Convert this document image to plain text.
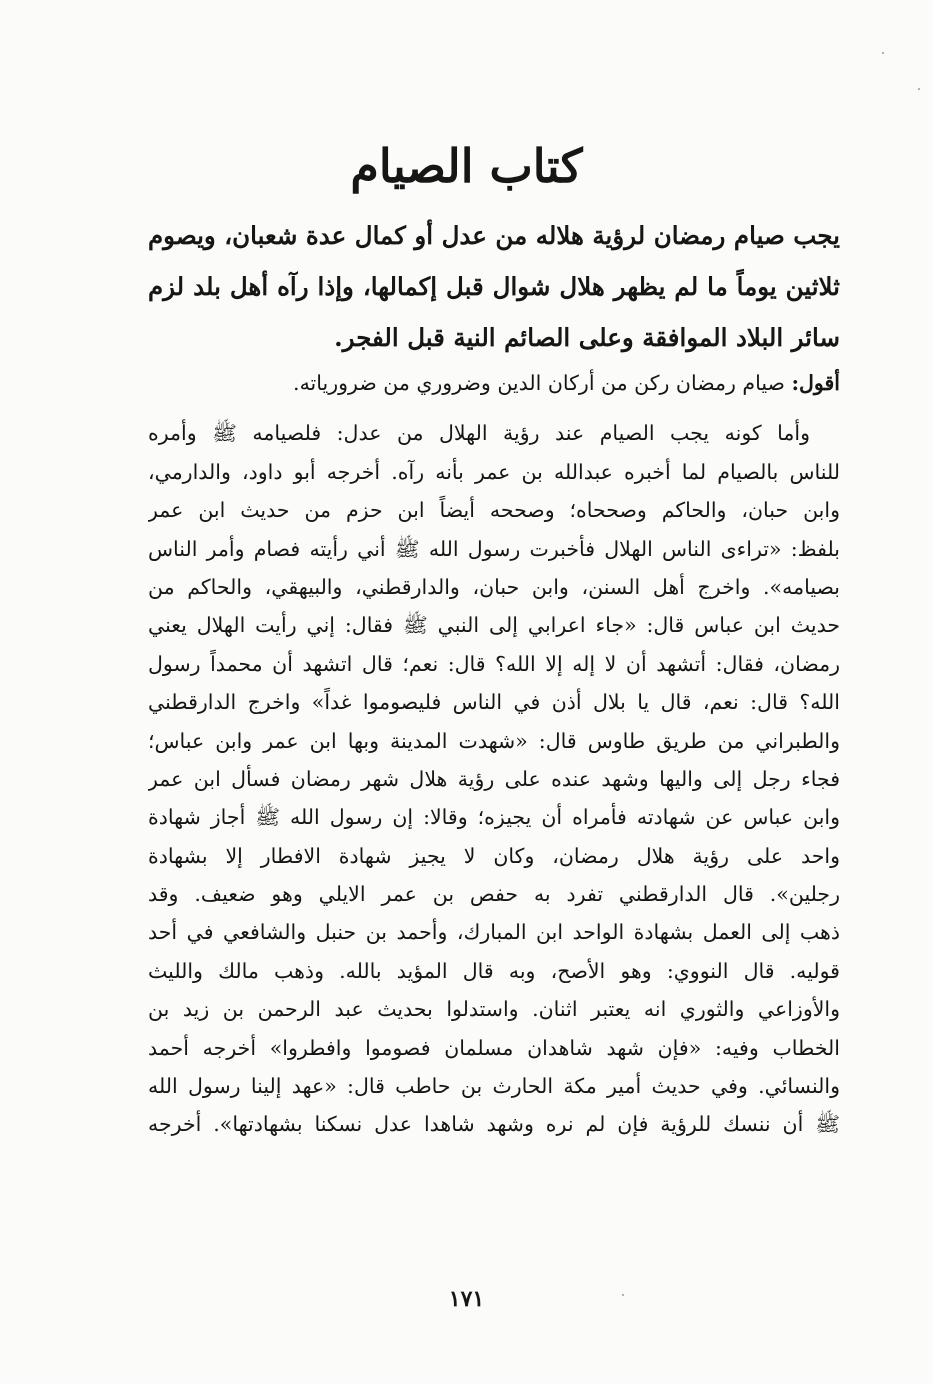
كتاب الصيام

يجب صيام رمضان لرؤية هلاله من عدل أو كمال عدة شعبان، ويصوم ثلاثين يوماً ما لم يظهر هلال شوال قبل إكمالها، وإذا رآه أهل بلد لزم سائر البلاد الموافقة وعلى الصائم النية قبل الفجر.

أقول: صيام رمضان ركن من أركان الدين وضروري من ضرورياته.
وأما كونه يجب الصيام عند رؤية الهلال من عدل: فلصيامه ﷺ وأمره
للناس بالصيام لما أخبره عبدالله بن عمر بأنه رآه. أخرجه أبو داود، والدارمي،
وابن حبان، والحاكم وصححاه؛ وصححه أيضاً ابن حزم من حديث ابن عمر
بلفظ: «تراءى الناس الهلال فأخبرت رسول الله ﷺ أني رأيته فصام وأمر الناس
بصيامه». واخرج أهل السنن، وابن حبان، والدارقطني، والبيهقي، والحاكم من
حديث ابن عباس قال: «جاء اعرابي إلى النبي ﷺ فقال: إني رأيت الهلال يعني
رمضان، فقال: أتشهد أن لا إله إلا الله؟ قال: نعم؛ قال اتشهد أن محمداً رسول
الله؟ قال: نعم، قال يا بلال أذن في الناس فليصوموا غداً» واخرج الدارقطني
والطبراني من طريق طاوس قال: «شهدت المدينة وبها ابن عمر وابن عباس؛
فجاء رجل إلى واليها وشهد عنده على رؤية هلال شهر رمضان فسأل ابن عمر
وابن عباس عن شهادته فأمراه أن يجيزه؛ وقالا: إن رسول الله ﷺ أجاز شهادة
واحد على رؤية هلال رمضان، وكان لا يجيز شهادة الافطار إلا بشهادة
رجلين». قال الدارقطني تفرد به حفص بن عمر الايلي وهو ضعيف. وقد
ذهب إلى العمل بشهادة الواحد ابن المبارك، وأحمد بن حنبل والشافعي في أحد
قوليه. قال النووي: وهو الأصح، وبه قال المؤيد بالله. وذهب مالك والليث
والأوزاعي والثوري انه يعتبر اثنان. واستدلوا بحديث عبد الرحمن بن زيد بن
الخطاب وفيه: «فإن شهد شاهدان مسلمان فصوموا وافطروا» أخرجه أحمد
والنسائي. وفي حديث أمير مكة الحارث بن حاطب قال: «عهد إلينا رسول الله
ﷺ أن ننسك للرؤية فإن لم نره وشهد شاهدا عدل نسكنا بشهادتها». أخرجه
١٧١
